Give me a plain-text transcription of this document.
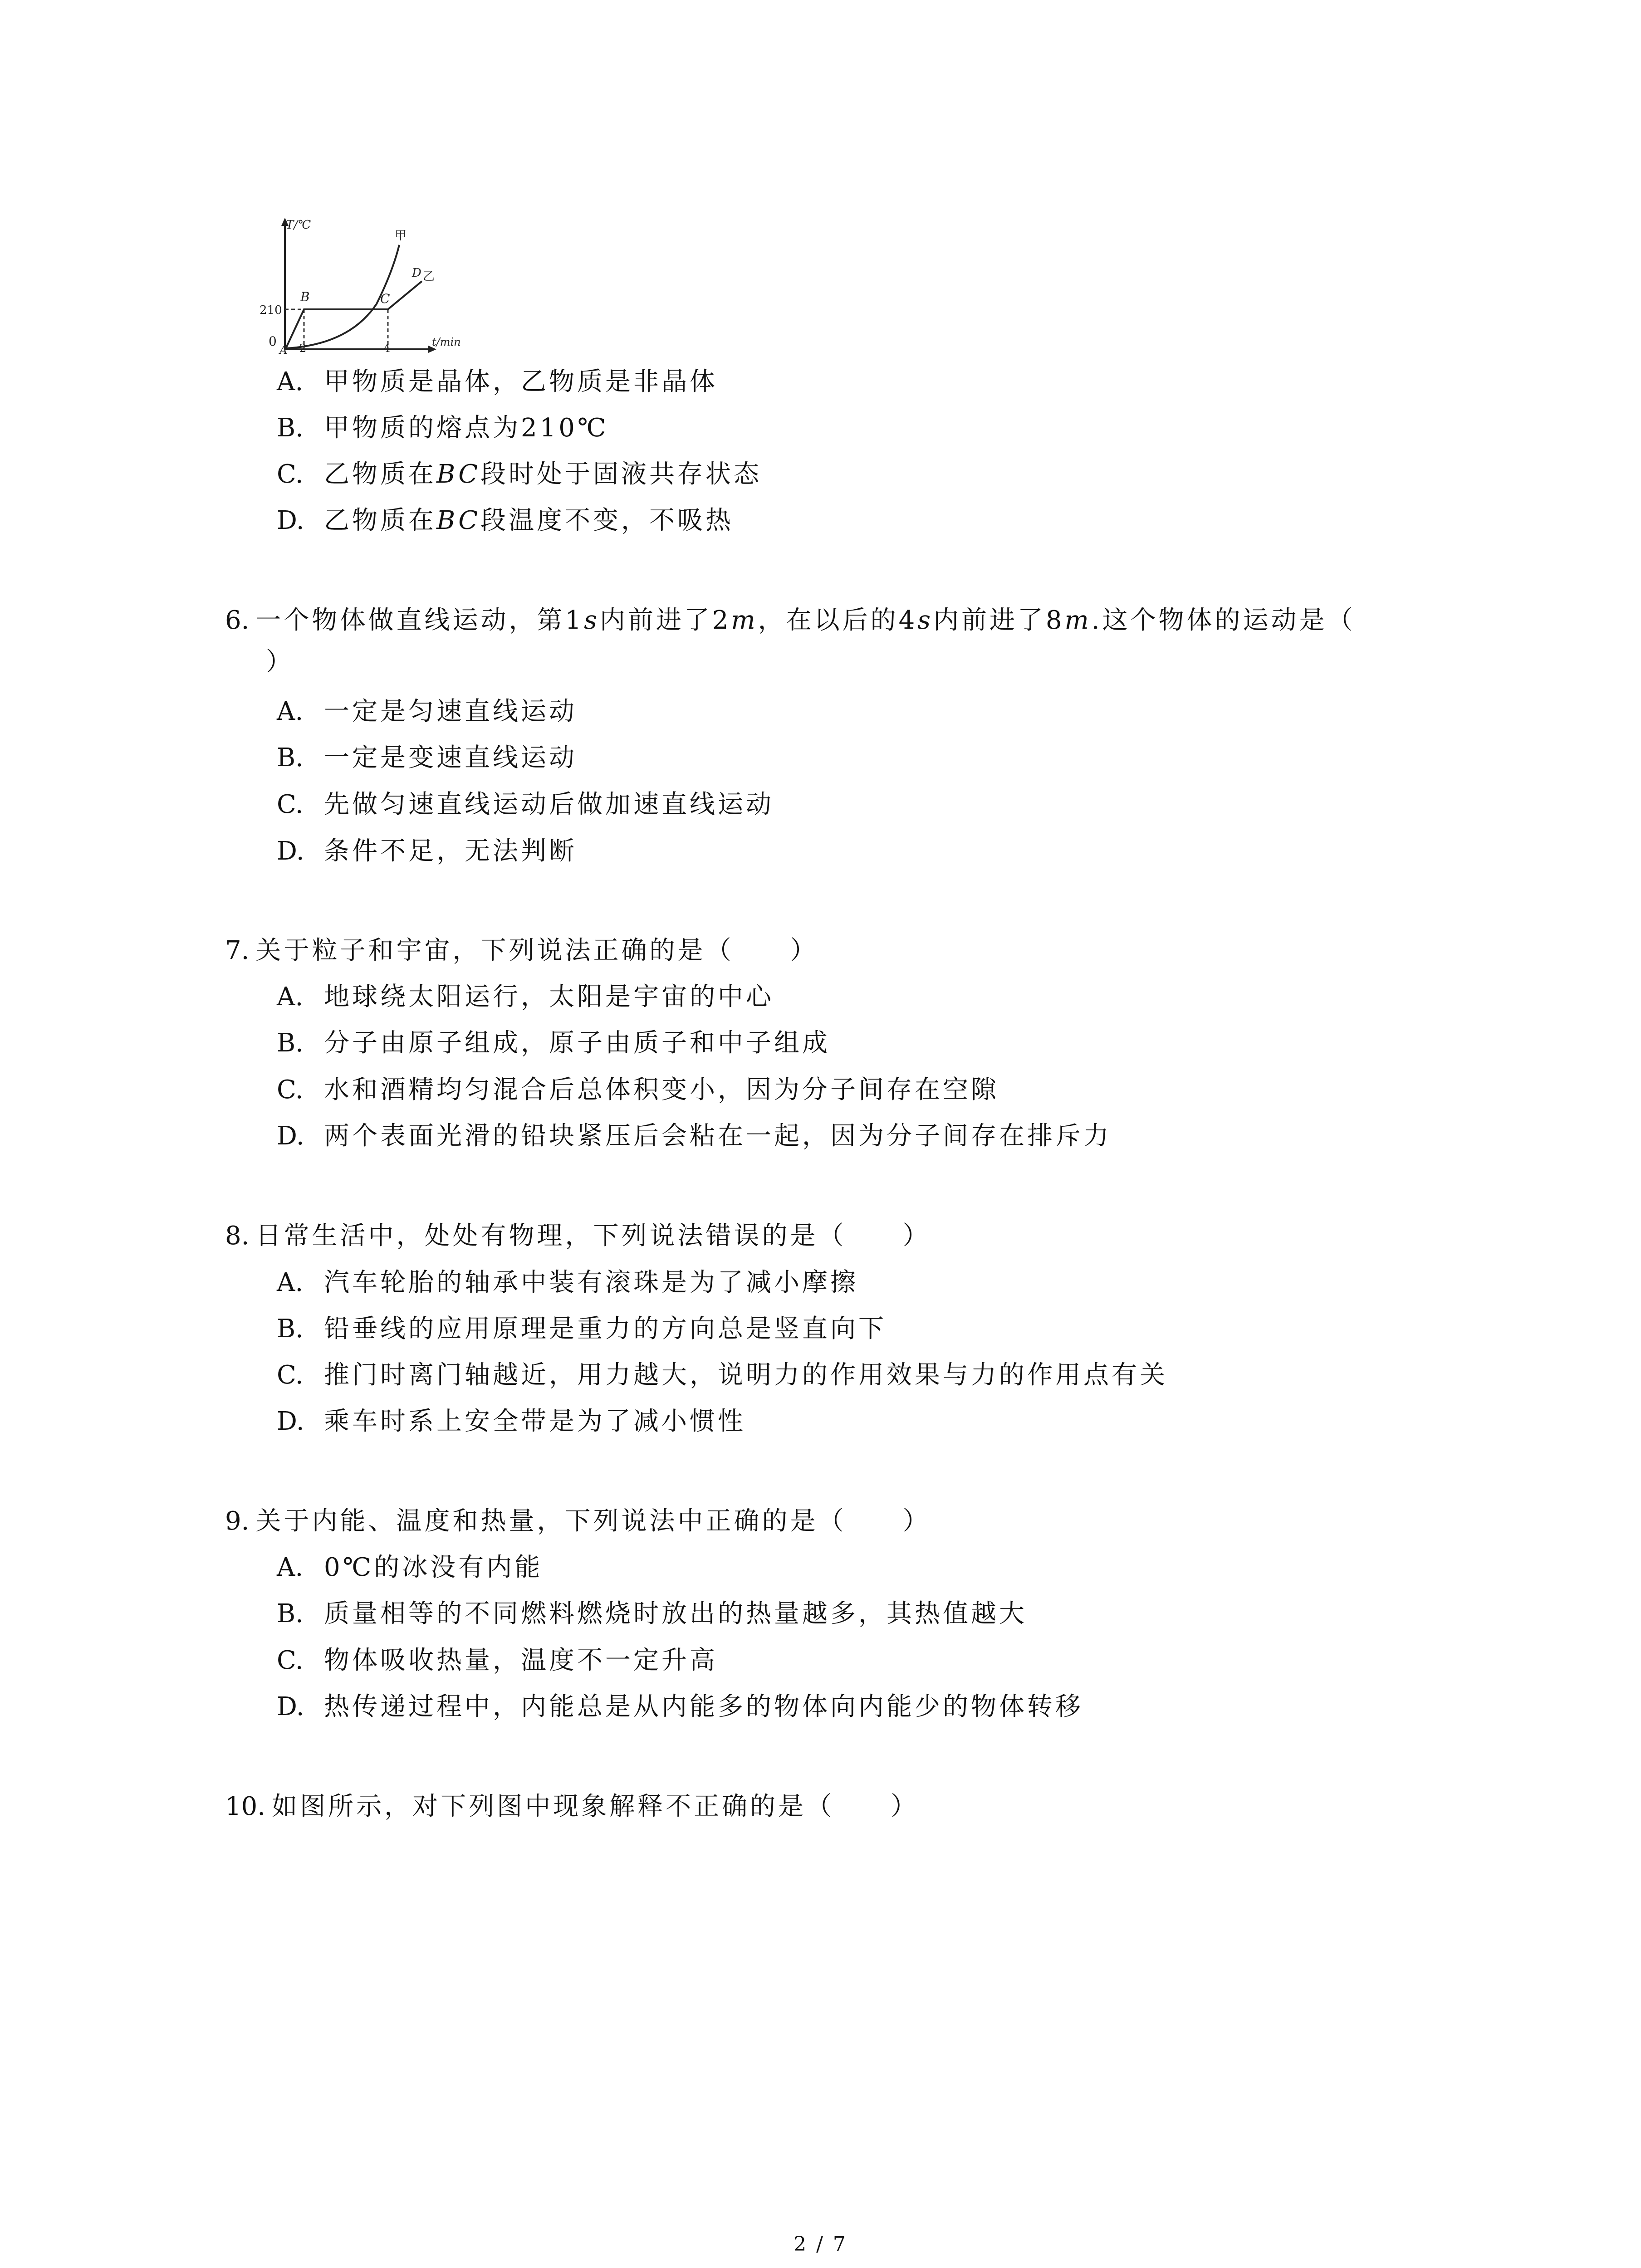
T/℃
t/min
210
0 2	4
A
B	C
D
甲
乙
A. 甲物质是晶体，乙物质是非晶体
B. 甲物质的熔点为210℃
C. 乙物质在BC段时处于固液共存状态
D. 乙物质在BC段温度不变，不吸热
6. 一个物体做直线运动，第1s内前进了2m，在以后的4s内前进了8m.这个物体的运动是（
）
A. 一定是匀速直线运动
B. 一定是变速直线运动
C. 先做匀速直线运动后做加速直线运动
D. 条件不足，无法判断
7. 关于粒子和宇宙，下列说法正确的是（　　）
A. 地球绕太阳运行，太阳是宇宙的中心
B. 分子由原子组成，原子由质子和中子组成
C. 水和酒精均匀混合后总体积变小，因为分子间存在空隙
D. 两个表面光滑的铅块紧压后会粘在一起，因为分子间存在排斥力
8. 日常生活中，处处有物理，下列说法错误的是（　　）
A. 汽车轮胎的轴承中装有滚珠是为了减小摩擦
B. 铅垂线的应用原理是重力的方向总是竖直向下
C. 推门时离门轴越近，用力越大，说明力的作用效果与力的作用点有关
D. 乘车时系上安全带是为了减小惯性
9. 关于内能、温度和热量，下列说法中正确的是（　　）
A. 0℃的冰没有内能
B. 质量相等的不同燃料燃烧时放出的热量越多，其热值越大
C. 物体吸收热量，温度不一定升高
D. 热传递过程中，内能总是从内能多的物体向内能少的物体转移
10. 如图所示，对下列图中现象解释不正确的是（　　）
2 / 7
